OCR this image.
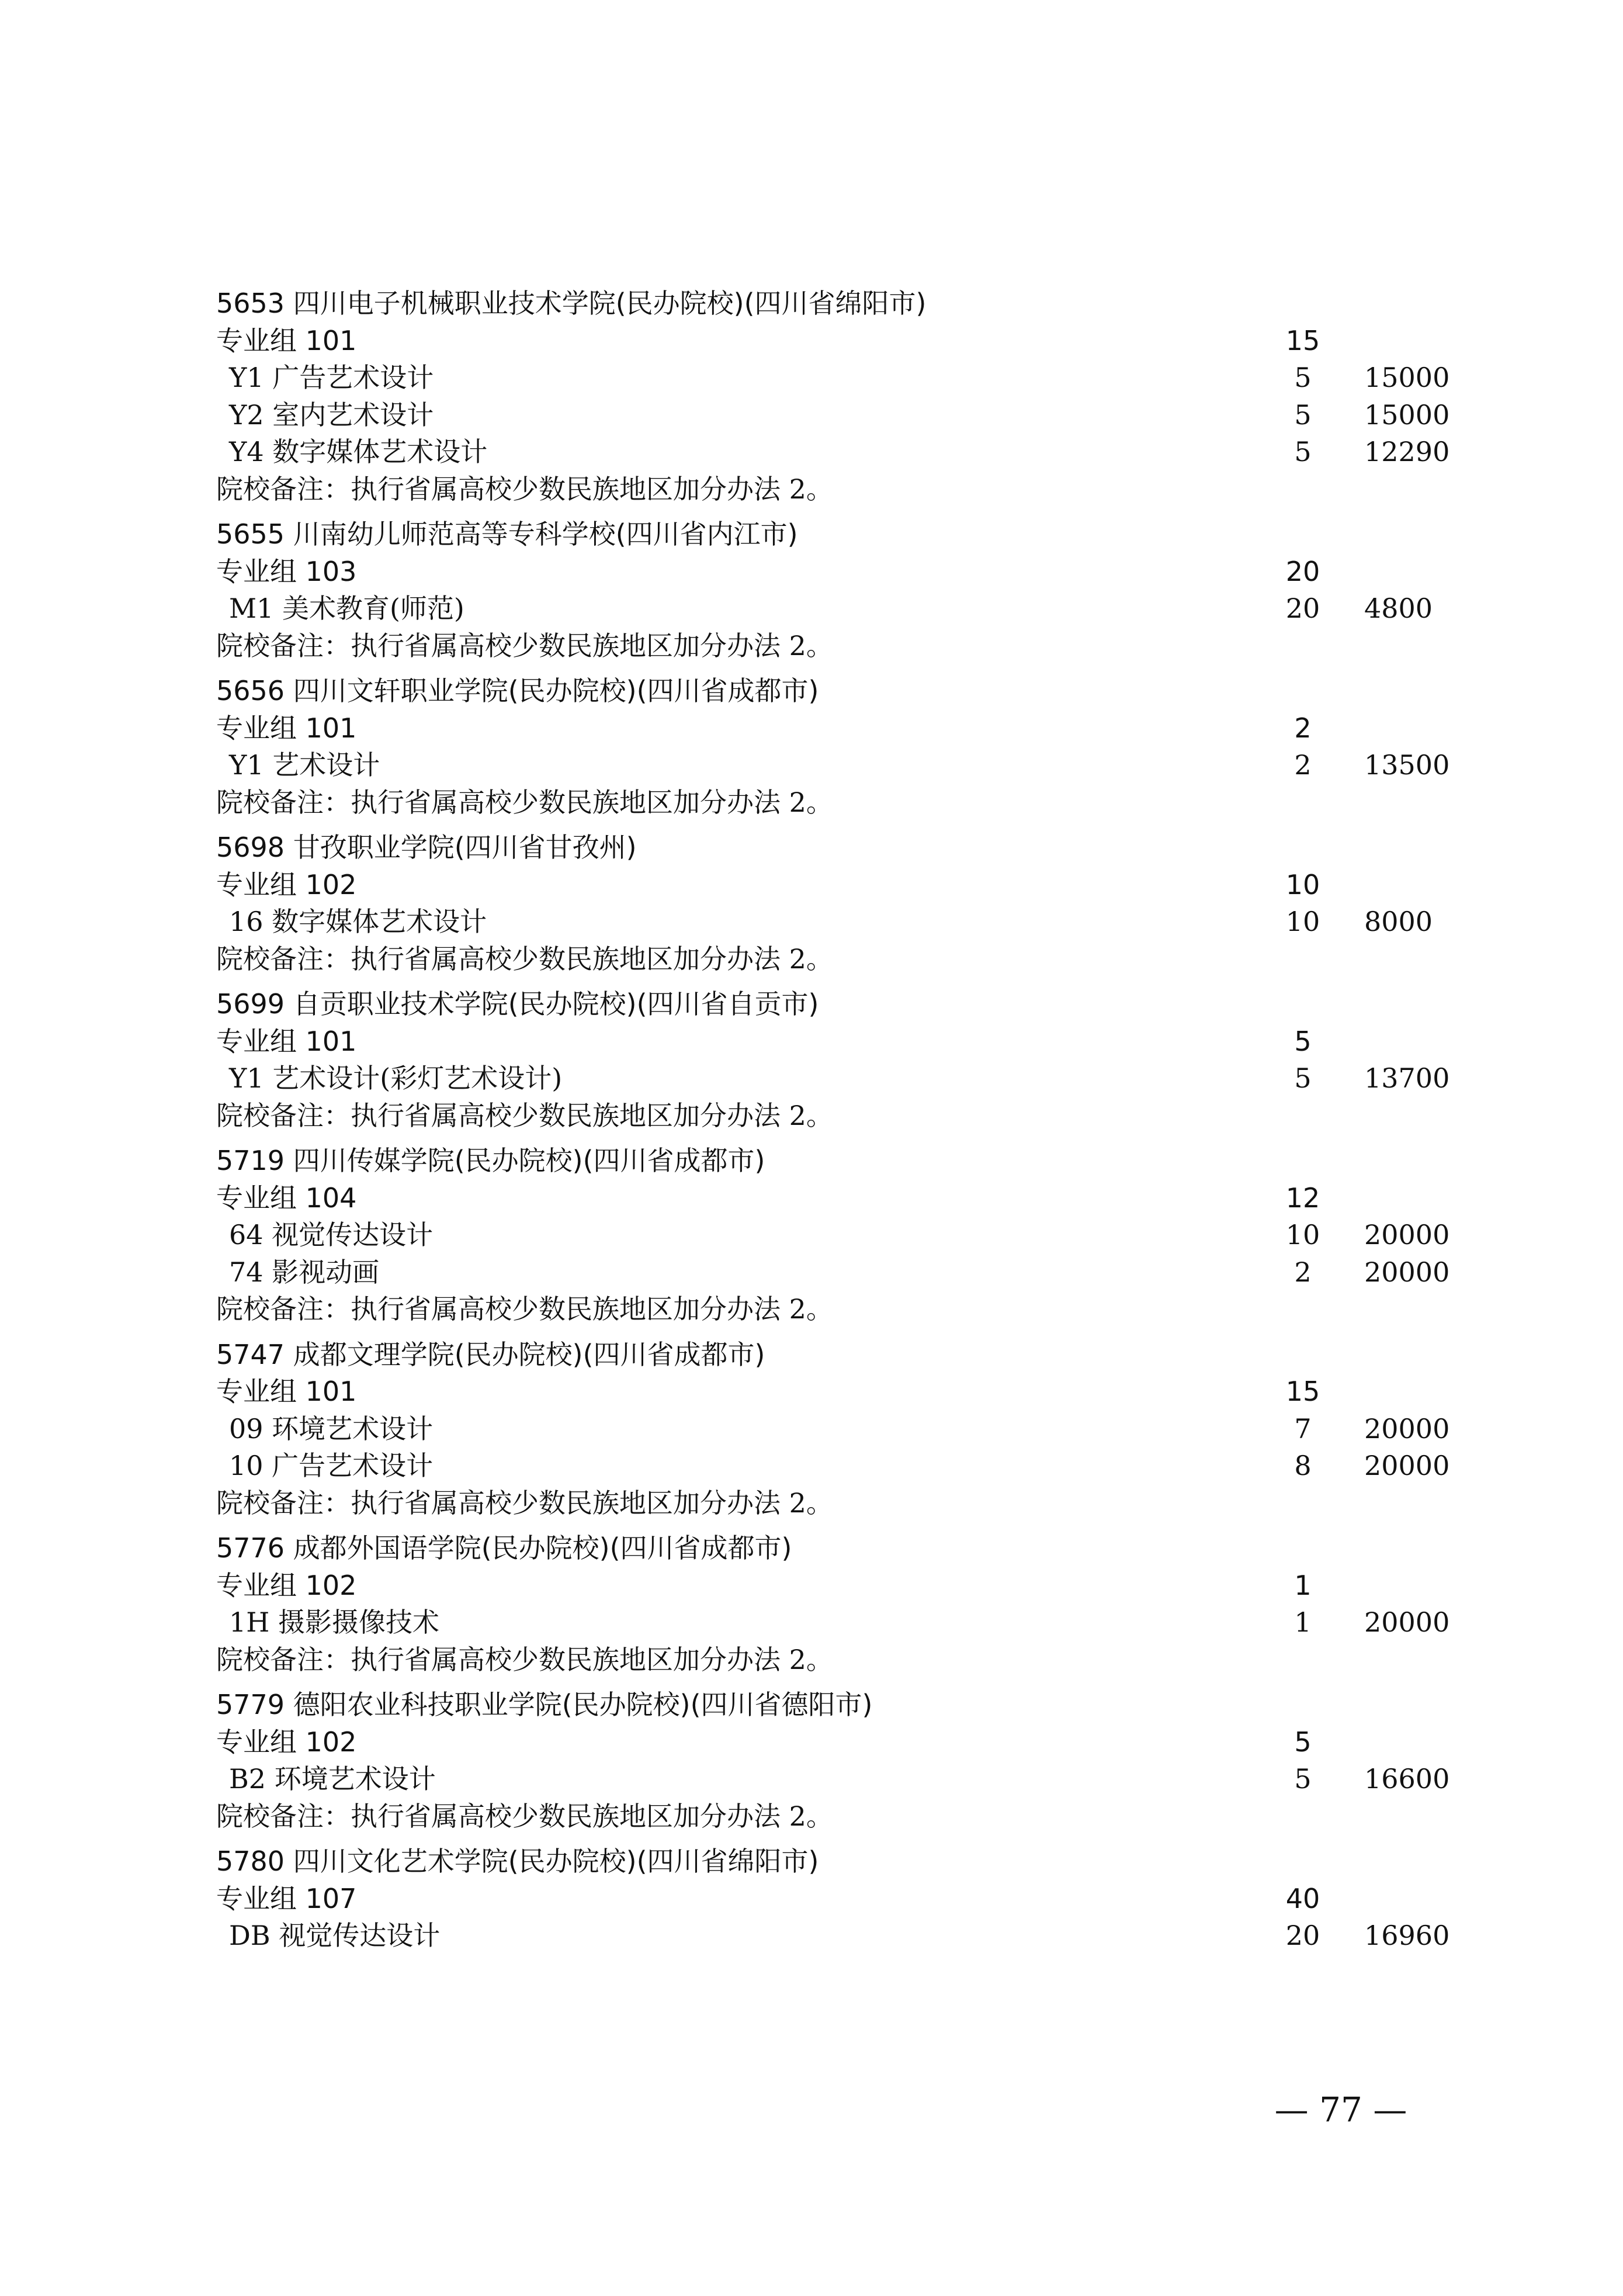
5653 四川电子机械职业技术学院(民办院校)(四川省绵阳市)
专业组 101	15
Y1 广告艺术设计	5	15000
Y2 室内艺术设计	5	15000
Y4 数字媒体艺术设计	5	12290
院校备注：执行省属高校少数民族地区加分办法 2。
5655 川南幼儿师范高等专科学校(四川省内江市)
专业组 103	20
M1 美术教育(师范)	20	4800
院校备注：执行省属高校少数民族地区加分办法 2。
5656 四川文轩职业学院(民办院校)(四川省成都市)
专业组 101	2
Y1 艺术设计	2	13500
院校备注：执行省属高校少数民族地区加分办法 2。
5698 甘孜职业学院(四川省甘孜州)
专业组 102	10
16 数字媒体艺术设计	10	8000
院校备注：执行省属高校少数民族地区加分办法 2。
5699 自贡职业技术学院(民办院校)(四川省自贡市)
专业组 101	5
Y1 艺术设计(彩灯艺术设计)	5	13700
院校备注：执行省属高校少数民族地区加分办法 2。
5719 四川传媒学院(民办院校)(四川省成都市)
专业组 104	12
64 视觉传达设计	10	20000
74 影视动画	2	20000
院校备注：执行省属高校少数民族地区加分办法 2。
5747 成都文理学院(民办院校)(四川省成都市)
专业组 101	15
09 环境艺术设计	7	20000
10 广告艺术设计	8	20000
院校备注：执行省属高校少数民族地区加分办法 2。
5776 成都外国语学院(民办院校)(四川省成都市)
专业组 102	1
1H 摄影摄像技术	1	20000
院校备注：执行省属高校少数民族地区加分办法 2。
5779 德阳农业科技职业学院(民办院校)(四川省德阳市)
专业组 102	5
B2 环境艺术设计	5	16600
院校备注：执行省属高校少数民族地区加分办法 2。
5780 四川文化艺术学院(民办院校)(四川省绵阳市)
专业组 107	40
DB 视觉传达设计	20	16960
— 77 —
